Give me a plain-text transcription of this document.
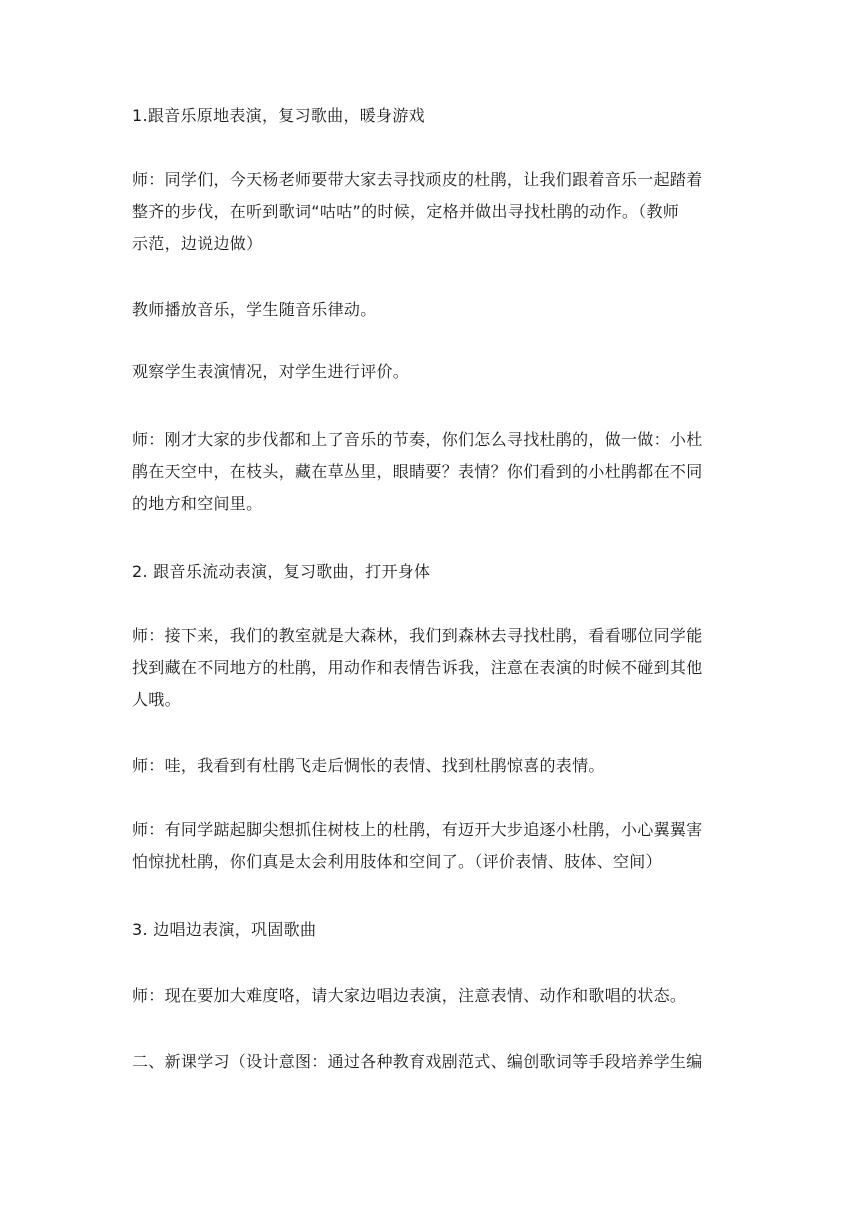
1.跟音乐原地表演，复习歌曲，暖身游戏
师：同学们，今天杨老师要带大家去寻找顽皮的杜鹃，让我们跟着音乐一起踏着
整齐的步伐，在听到歌词“咕咕”的时候，定格并做出寻找杜鹃的动作。（教师
示范，边说边做）
教师播放音乐，学生随音乐律动。
观察学生表演情况，对学生进行评价。
师：刚才大家的步伐都和上了音乐的节奏，你们怎么寻找杜鹃的，做一做：小杜
鹃在天空中，在枝头，藏在草丛里，眼睛要？表情？你们看到的小杜鹃都在不同
的地方和空间里。
2. 跟音乐流动表演，复习歌曲，打开身体
师：接下来，我们的教室就是大森林，我们到森林去寻找杜鹃，看看哪位同学能
找到藏在不同地方的杜鹃，用动作和表情告诉我，注意在表演的时候不碰到其他
人哦。
师：哇，我看到有杜鹃飞走后惆怅的表情、找到杜鹃惊喜的表情。
师：有同学踮起脚尖想抓住树枝上的杜鹃，有迈开大步追逐小杜鹃，小心翼翼害
怕惊扰杜鹃，你们真是太会利用肢体和空间了。（评价表情、肢体、空间）
3. 边唱边表演，巩固歌曲
师：现在要加大难度咯，请大家边唱边表演，注意表情、动作和歌唱的状态。
二、新课学习（设计意图：通过各种教育戏剧范式、编创歌词等手段培养学生编
